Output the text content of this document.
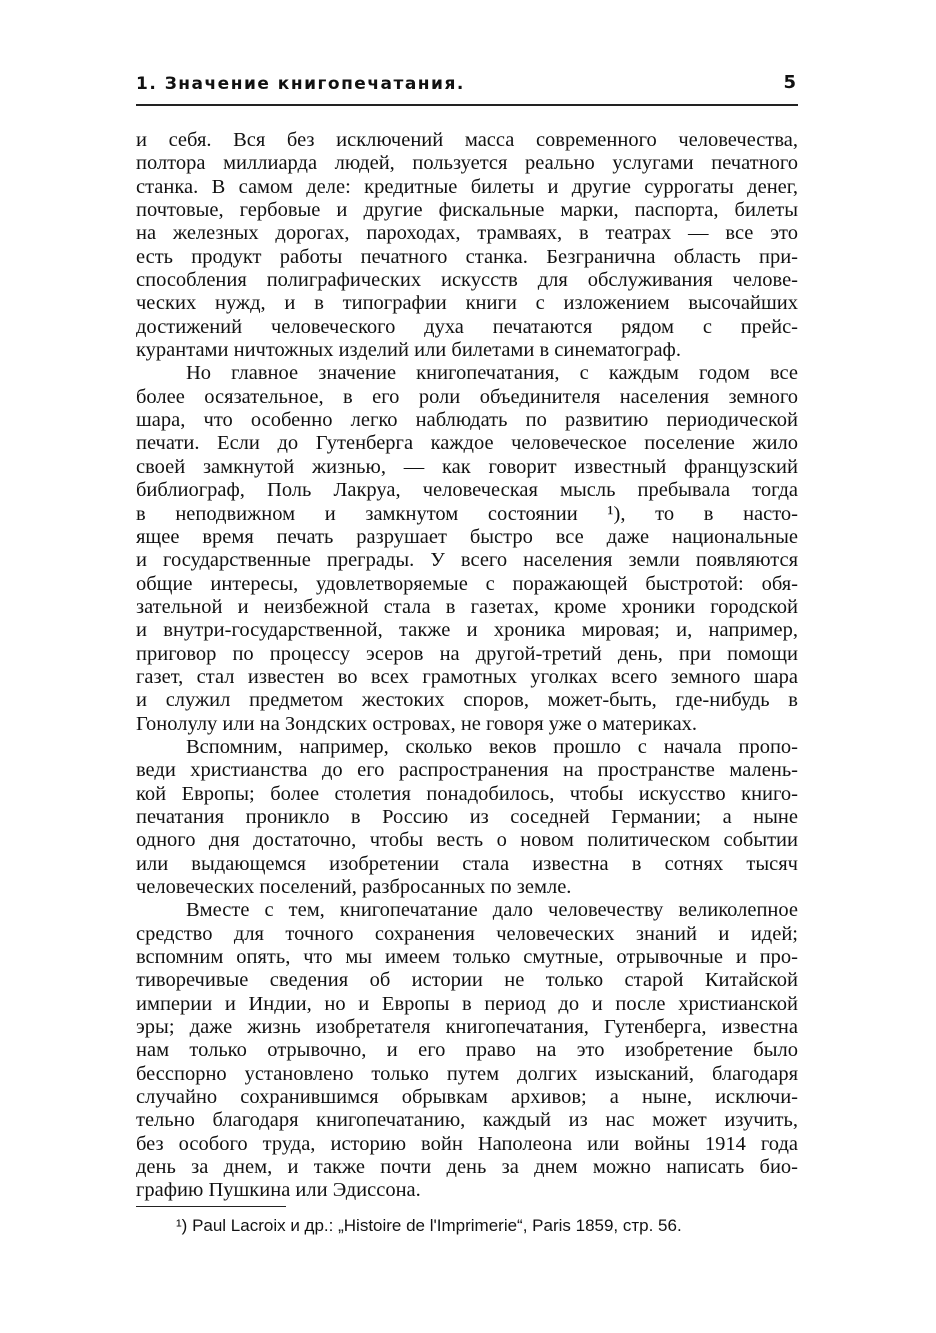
1. Значение книгопечатания.	5
и себя. Вся без исключений масса современного человечества,
полтора миллиарда людей, пользуется реально услугами печатного
станка. В самом деле: кредитные билеты и другие суррогаты денег,
почтовые, гербовые и другие фискальные марки, паспорта, билеты
на железных дорогах, пароходах, трамваях, в театрах — все это
есть продукт работы печатного станка. Безгранична область при-
способления полиграфических искусств для обслуживания челове-
ческих нужд, и в типографии книги с изложением высочайших
достижений человеческого духа печатаются рядом с прейс-
курантами ничтожных изделий или билетами в синематограф.
Но главное значение книгопечатания, с каждым годом все
более осязательное, в его роли объединителя населения земного
шара, что особенно легко наблюдать по развитию периодической
печати. Если до Гутенберга каждое человеческое поселение жило
своей замкнутой жизнью, — как говорит известный французский
библиограф, Поль Лакруа, человеческая мысль пребывала тогда
в неподвижном и замкнутом состоянии ¹), то в насто-
ящее время печать разрушает быстро все даже национальные
и государственные преграды. У всего населения земли появляются
общие интересы, удовлетворяемые с поражающей быстротой: обя-
зательной и неизбежной стала в газетах, кроме хроники городской
и внутри-государственной, также и хроника мировая; и, например,
приговор по процессу эсеров на другой-третий день, при помощи
газет, стал известен во всех грамотных уголках всего земного шара
и служил предметом жестоких споров, может-быть, где-нибудь в
Гонолулу или на Зондских островах, не говоря уже о материках.
Вспомним, например, сколько веков прошло с начала пропо-
веди христианства до его распространения на пространстве малень-
кой Европы; более столетия понадобилось, чтобы искусство книго-
печатания проникло в Россию из соседней Германии; а ныне
одного дня достаточно, чтобы весть о новом политическом событии
или выдающемся изобретении стала известна в сотнях тысяч
человеческих поселений, разбросанных по земле.
Вместе с тем, книгопечатание дало человечеству великолепное
средство для точного сохранения человеческих знаний и идей;
вспомним опять, что мы имеем только смутные, отрывочные и про-
тиворечивые сведения об истории не только старой Китайской
империи и Индии, но и Европы в период до и после христианской
эры; даже жизнь изобретателя книгопечатания, Гутенберга, известна
нам только отрывочно, и его право на это изобретение было
бесспорно установлено только путем долгих изысканий, благодаря
случайно сохранившимся обрывкам архивов; а ныне, исключи-
тельно благодаря книгопечатанию, каждый из нас может изучить,
без особого труда, историю войн Наполеона или войны 1914 года
день за днем, и также почти день за днем можно написать био-
графию Пушкина или Эдиссона.
¹) Paul Lacroix и др.: „Histoire de l'Imprimerie“, Paris 1859, стр. 56.
